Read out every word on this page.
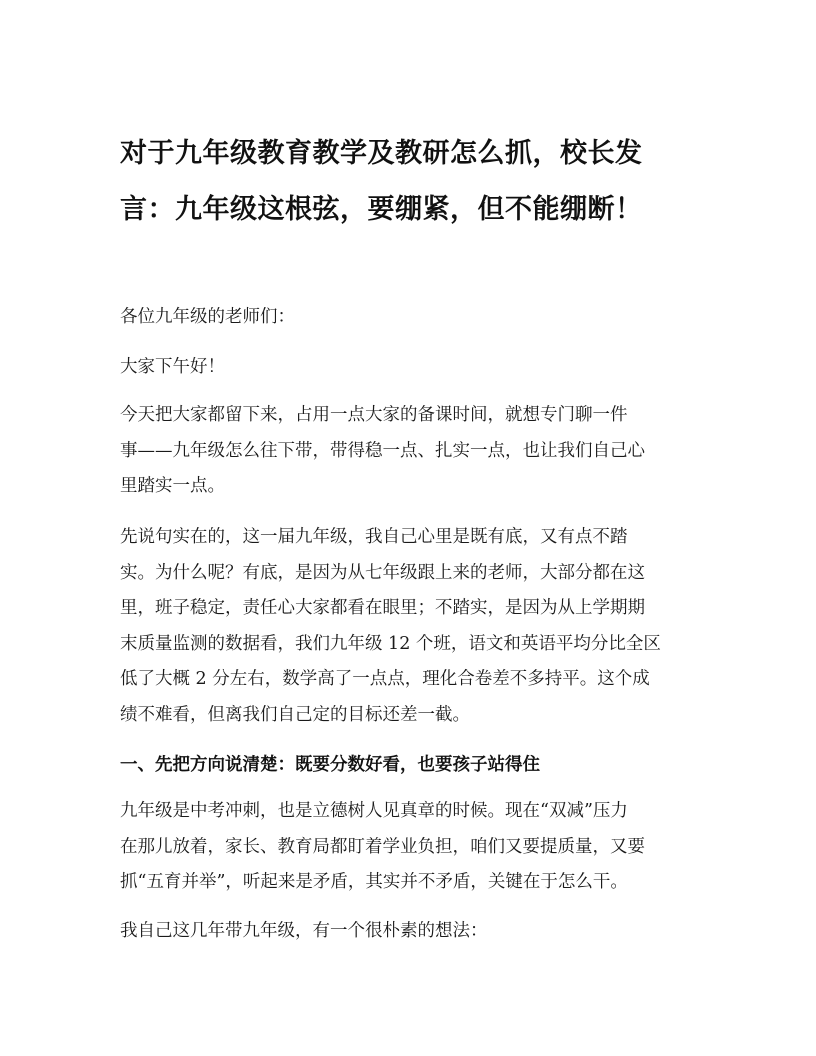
对于九年级教育教学及教研怎么抓，校长发
言：九年级这根弦，要绷紧，但不能绷断！

各位九年级的老师们：

大家下午好！

今天把大家都留下来，占用一点大家的备课时间，就想专门聊一件
事——九年级怎么往下带，带得稳一点、扎实一点，也让我们自己心
里踏实一点。

先说句实在的，这一届九年级，我自己心里是既有底，又有点不踏
实。为什么呢？有底，是因为从七年级跟上来的老师，大部分都在这
里，班子稳定，责任心大家都看在眼里；不踏实，是因为从上学期期
末质量监测的数据看，我们九年级 12 个班，语文和英语平均分比全区
低了大概 2 分左右，数学高了一点点，理化合卷差不多持平。这个成
绩不难看，但离我们自己定的目标还差一截。

一、先把方向说清楚：既要分数好看，也要孩子站得住

九年级是中考冲刺，也是立德树人见真章的时候。现在“双减”压力
在那儿放着，家长、教育局都盯着学业负担，咱们又要提质量，又要
抓“五育并举”，听起来是矛盾，其实并不矛盾，关键在于怎么干。

我自己这几年带九年级，有一个很朴素的想法：
